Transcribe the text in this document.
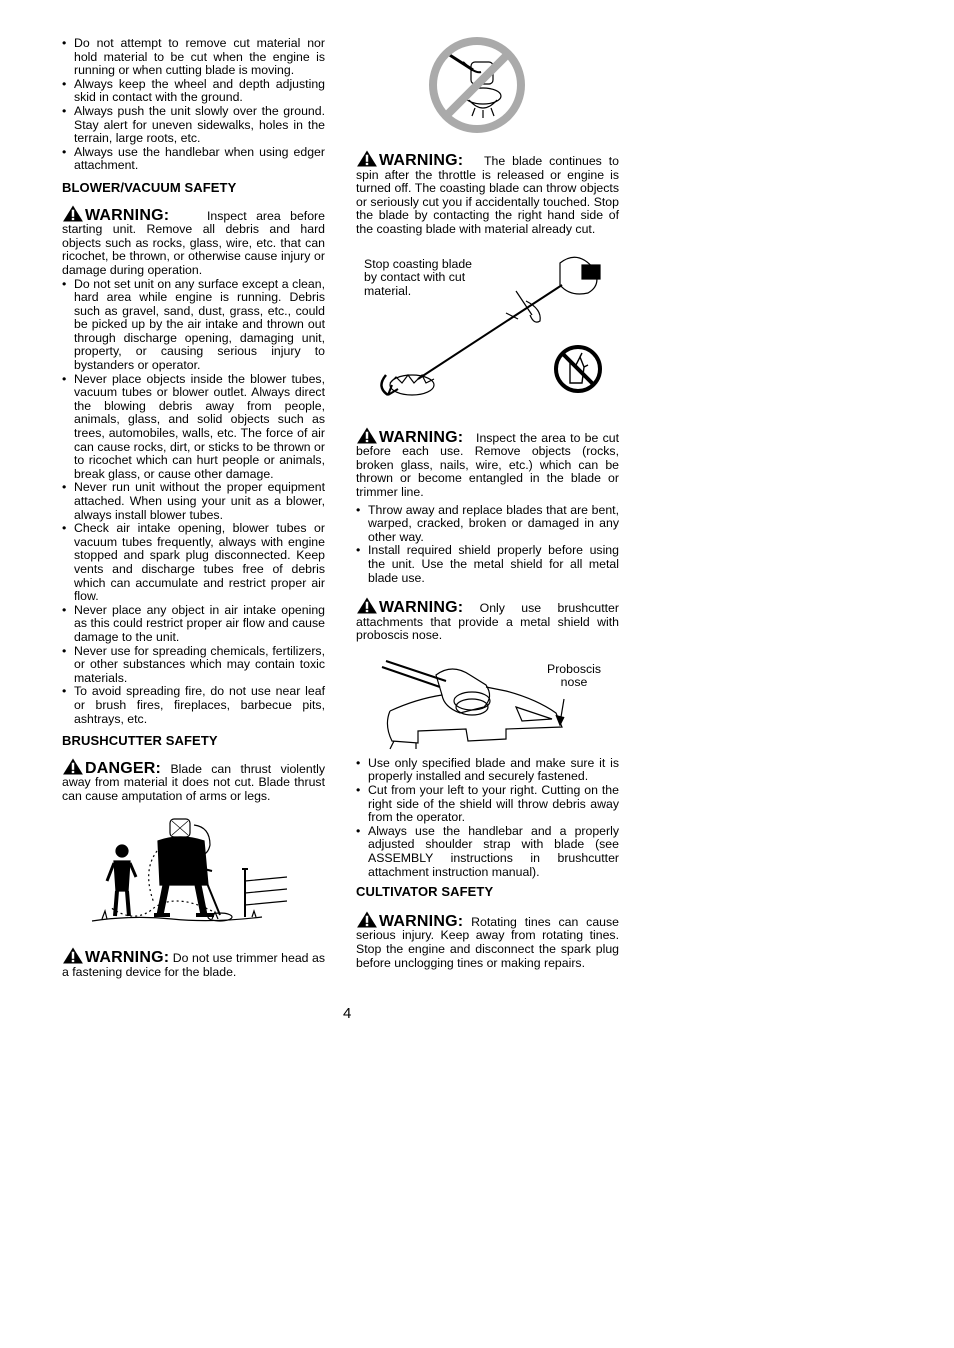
• Do not attempt to remove cut material nor hold material to be cut when the engine is running or when cutting blade is moving.
• Always keep the wheel and depth adjusting skid in contact with the ground.
• Always push the unit slowly over the ground. Stay alert for uneven sidewalks, holes in the terrain, large roots, etc.
• Always use the handlebar when using edger attachment.
BLOWER/VACUUM SAFETY

WARNING:	Inspect area before starting unit. Remove all debris and hard objects such as rocks, glass, wire, etc. that can ricochet, be thrown, or otherwise cause injury or damage during operation.

• Do not set unit on any surface except a clean, hard area while engine is running. Debris such as gravel, sand, dust, grass, etc., could be picked up by the air intake and thrown out through discharge opening, damaging unit, property, or causing serious injury to bystanders or operator.
• Never place objects inside the blower tubes, vacuum tubes or blower outlet. Always direct the blowing debris away from people, animals, glass, and solid objects such as trees, automobiles, walls, etc. The force of air can cause rocks, dirt, or sticks to be thrown or to ricochet which can hurt people or animals, break glass, or cause other damage.
• Never run unit without the proper equipment attached. When using your unit as a blower, always install blower tubes.
• Check air intake opening, blower tubes or vacuum tubes frequently, always with engine stopped and spark plug disconnected. Keep vents and discharge tubes free of debris which can accumulate and restrict proper air flow.
• Never place any object in air intake opening as this could restrict proper air flow and cause damage to the unit.
• Never use for spreading chemicals, fertilizers, or other substances which may contain toxic materials.
• To avoid spreading fire, do not use near leaf or brush fires, fireplaces, barbecue pits, ashtrays, etc.
BRUSHCUTTER SAFETY

DANGER: Blade can thrust violently away from material it does not cut. Blade thrust can cause amputation of arms or legs.

WARNING: Do not use trimmer head as a fastening device for the blade.

WARNING: The blade continues to spin after the throttle is released or engine is turned off. The coasting blade can throw objects or seriously cut you if accidentally touched. Stop the blade by contacting the right hand side of the coasting blade with material already cut.

Stop coasting blade by contact with cut material.

WARNING: Inspect the area to be cut before each use. Remove objects (rocks, broken glass, nails, wire, etc.) which can be thrown or become entangled in the blade or trimmer line.

• Throw away and replace blades that are bent, warped, cracked, broken or damaged in any other way.
• Install required shield properly before using the unit. Use the metal shield for all metal blade use.

WARNING: Only use brushcutter attachments that provide a metal shield with proboscis nose.

Proboscis nose
• Use only specified blade and make sure it is properly installed and securely fastened.
• Cut from your left to your right. Cutting on the right side of the shield will throw debris away from the operator.
• Always use the handlebar and a properly adjusted shoulder strap with blade (see ASSEMBLY instructions in brushcutter attachment instruction manual).
CULTIVATOR SAFETY

WARNING: Rotating tines can cause serious injury. Keep away from rotating tines. Stop the engine and disconnect the spark plug before unclogging tines or making repairs.

4
